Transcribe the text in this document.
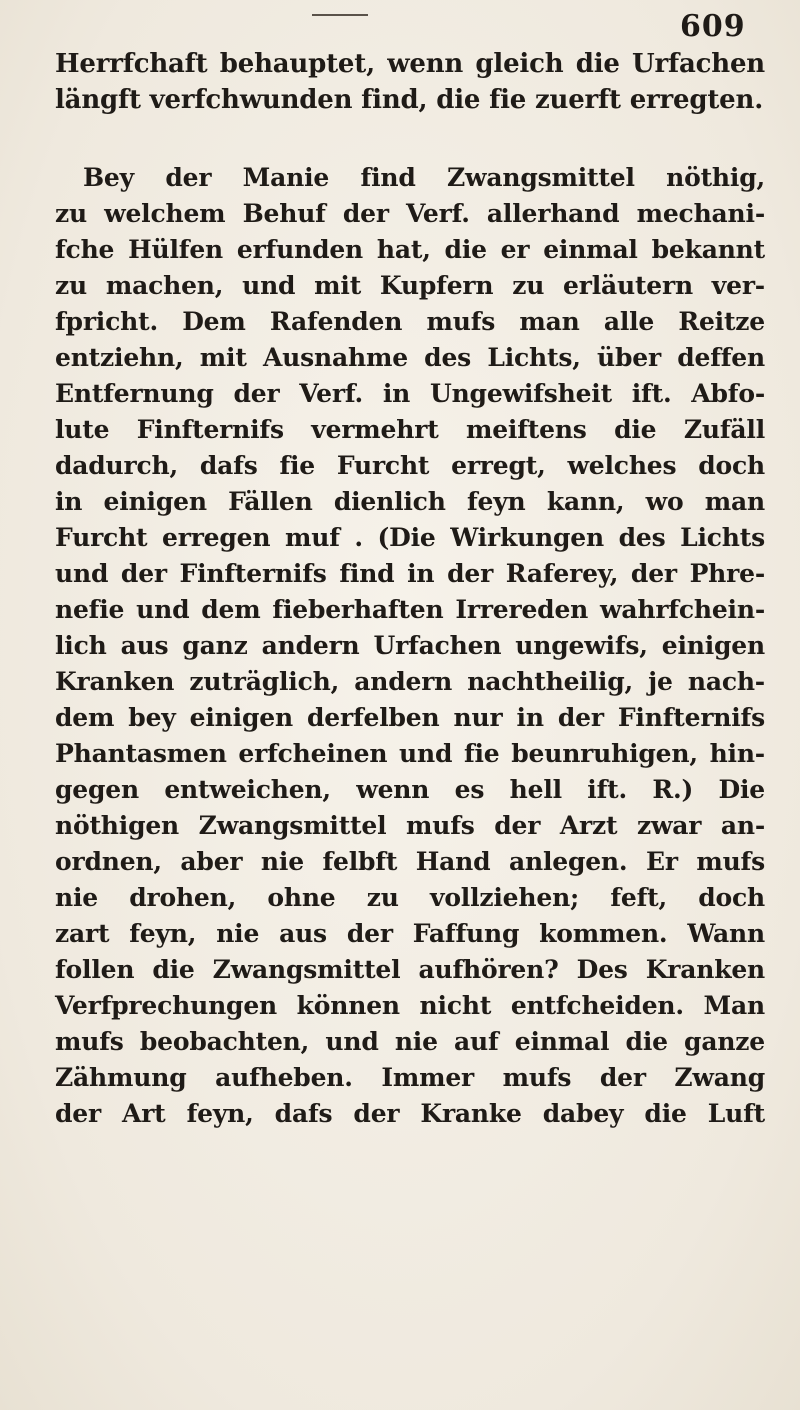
609
Herrfchaft behauptet, wenn gleich die Urfachen
längft verfchwunden find, die fie zuerft erregten.
Bey der Manie find Zwangsmittel nöthig,
zu welchem Behuf der Verf. allerhand mechani-
fche Hülfen erfunden hat, die er einmal bekannt
zu machen, und mit Kupfern zu erläutern ver-
fpricht. Dem Rafenden mufs man alle Reitze
entziehn, mit Ausnahme des Lichts, über deffen
Entfernung der Verf. in Ungewifsheit ift. Abfo-
lute Finfternifs vermehrt meiftens die Zufäll
dadurch, dafs fie Furcht erregt, welches doch
in einigen Fällen dienlich feyn kann, wo man
Furcht erregen muf . (Die Wirkungen des Lichts
und der Finfternifs find in der Raferey, der Phre-
nefie und dem fieberhaften Irrereden wahrfchein-
lich aus ganz andern Urfachen ungewifs, einigen
Kranken zuträglich, andern nachtheilig, je nach-
dem bey einigen derfelben nur in der Finfternifs
Phantasmen erfcheinen und fie beunruhigen, hin-
gegen entweichen, wenn es hell ift. R.) Die
nöthigen Zwangsmittel mufs der Arzt zwar an-
ordnen, aber nie felbft Hand anlegen. Er mufs
nie drohen, ohne zu vollziehen; feft, doch
zart feyn, nie aus der Faffung kommen. Wann
follen die Zwangsmittel aufhören? Des Kranken
Verfprechungen können nicht entfcheiden. Man
mufs beobachten, und nie auf einmal die ganze
Zähmung aufheben. Immer mufs der Zwang
der Art feyn, dafs der Kranke dabey die Luft
